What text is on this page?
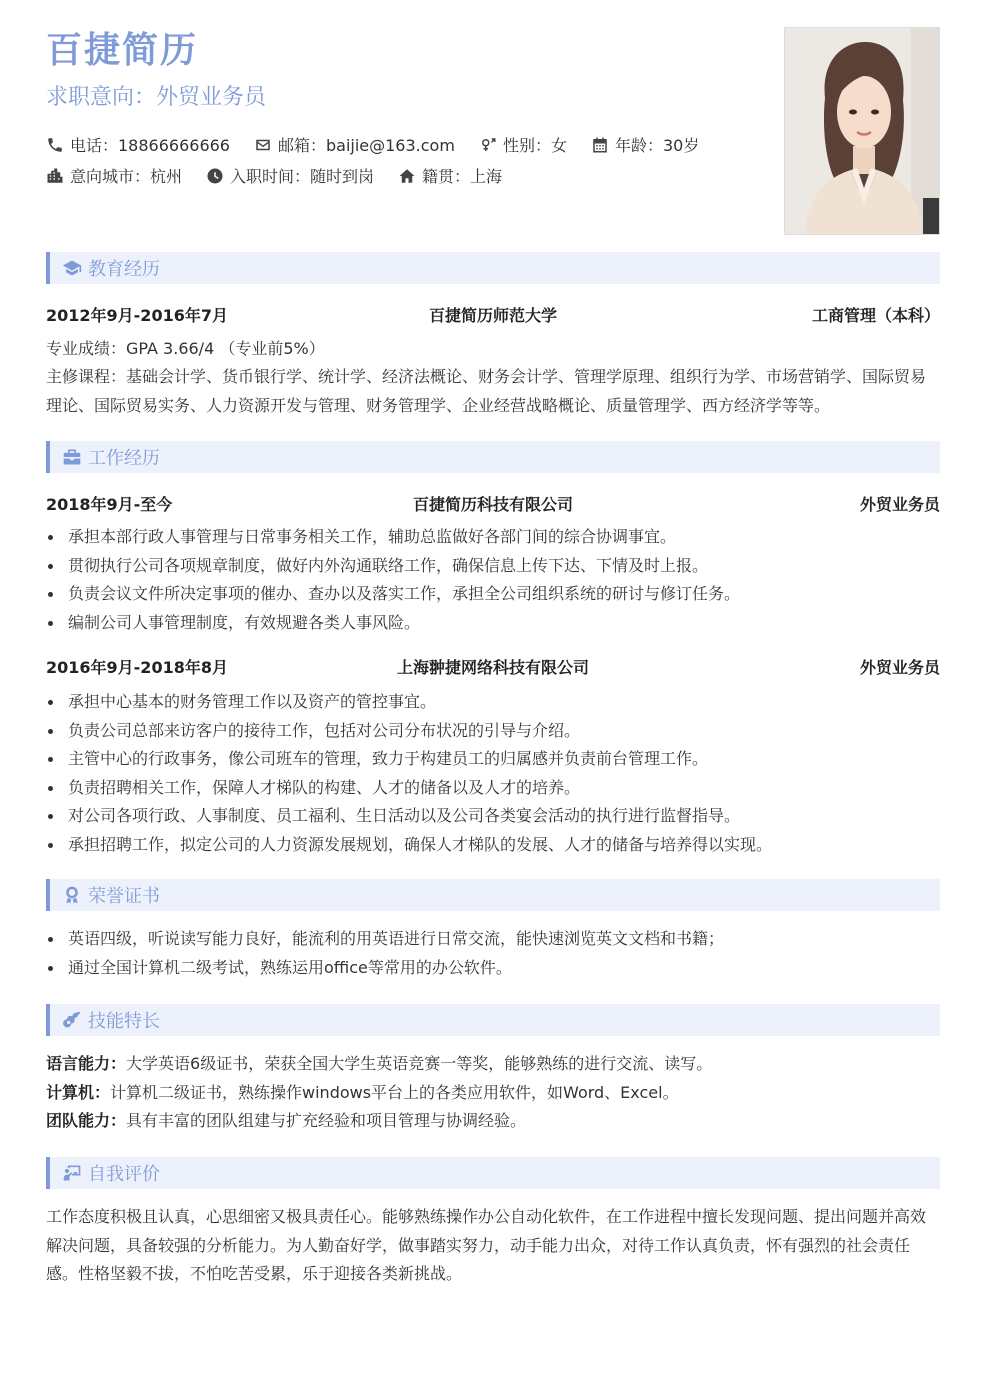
百捷简历
求职意向：外贸业务员
电话：18866666666	邮箱：baijie@163.com	性别：女	年龄：30岁
意向城市：杭州	入职时间：随时到岗	籍贯：上海
教育经历
2012年9月-2016年7月	百捷简历师范大学	工商管理（本科）
专业成绩：GPA 3.66/4 （专业前5%）
主修课程：基础会计学、货币银行学、统计学、经济法概论、财务会计学、管理学原理、组织行为学、市场营销学、国际贸易理论、国际贸易实务、人力资源开发与管理、财务管理学、企业经营战略概论、质量管理学、西方经济学等等。
工作经历
2018年9月-至今	百捷简历科技有限公司	外贸业务员
承担本部行政人事管理与日常事务相关工作，辅助总监做好各部门间的综合协调事宜。
贯彻执行公司各项规章制度，做好内外沟通联络工作，确保信息上传下达、下情及时上报。
负责会议文件所决定事项的催办、查办以及落实工作，承担全公司组织系统的研讨与修订任务。
编制公司人事管理制度，有效规避各类人事风险。
2016年9月-2018年8月	上海翀捷网络科技有限公司	外贸业务员
承担中心基本的财务管理工作以及资产的管控事宜。
负责公司总部来访客户的接待工作，包括对公司分布状况的引导与介绍。
主管中心的行政事务，像公司班车的管理，致力于构建员工的归属感并负责前台管理工作。
负责招聘相关工作，保障人才梯队的构建、人才的储备以及人才的培养。
对公司各项行政、人事制度、员工福利、生日活动以及公司各类宴会活动的执行进行监督指导。
承担招聘工作，拟定公司的人力资源发展规划，确保人才梯队的发展、人才的储备与培养得以实现。
荣誉证书
英语四级，听说读写能力良好，能流利的用英语进行日常交流，能快速浏览英文文档和书籍；
通过全国计算机二级考试，熟练运用office等常用的办公软件。
技能特长
语言能力：大学英语6级证书，荣获全国大学生英语竞赛一等奖，能够熟练的进行交流、读写。
计算机：计算机二级证书，熟练操作windows平台上的各类应用软件，如Word、Excel。
团队能力：具有丰富的团队组建与扩充经验和项目管理与协调经验。
自我评价
工作态度积极且认真，心思细密又极具责任心。能够熟练操作办公自动化软件，在工作进程中擅长发现问题、提出问题并高效解决问题，具备较强的分析能力。为人勤奋好学，做事踏实努力，动手能力出众，对待工作认真负责，怀有强烈的社会责任感。性格坚毅不拔，不怕吃苦受累，乐于迎接各类新挑战。
